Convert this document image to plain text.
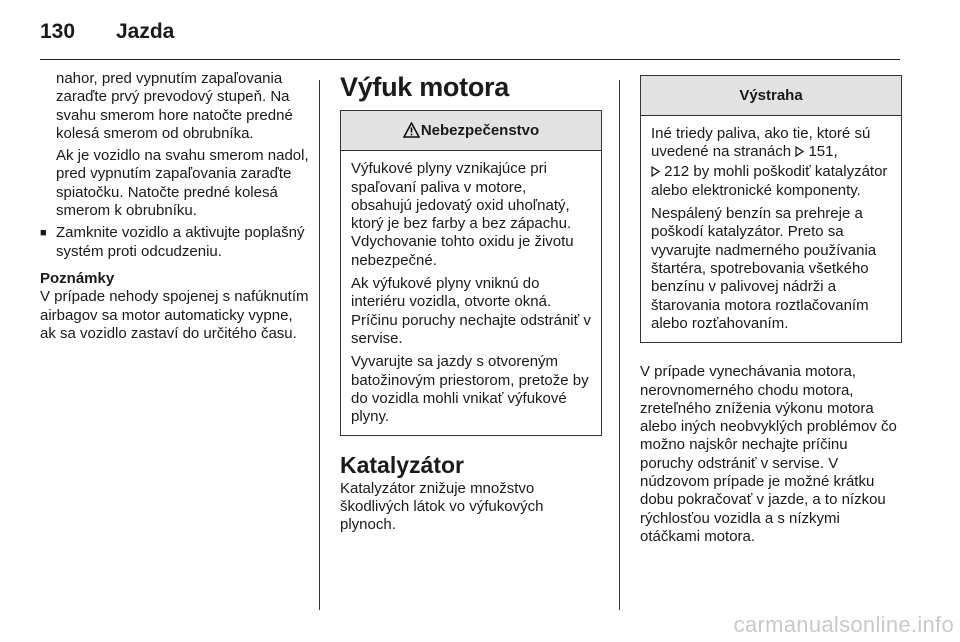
130 Jazda

nahor, pred vypnutím zapaľovania zaraďte prvý prevodový stupeň. Na svahu smerom hore natočte predné kolesá smerom od obrubníka.

Ak je vozidlo na svahu smerom nadol, pred vypnutím zapaľovania zaraďte spiatočku. Natočte predné kolesá smerom k obrubníku.

■ Zamknite vozidlo a aktivujte poplašný systém proti odcudzeniu.

Poznámky

V prípade nehody spojenej s nafúknutím airbagov sa motor automaticky vypne, ak sa vozidlo zastaví do určitého času.

Výfuk motora
Nebezpečenstvo

Výfukové plyny vznikajúce pri spaľovaní paliva v motore, obsahujú jedovatý oxid uhoľnatý, ktorý je bez farby a bez zápachu. Vdychovanie tohto oxidu je životu nebezpečné.

Ak výfukové plyny vniknú do interiéru vozidla, otvorte okná. Príčinu poruchy nechajte odstrániť v servise.

Vyvarujte sa jazdy s otvoreným batožinovým priestorom, pretože by do vozidla mohli vnikať výfukové plyny.

Katalyzátor

Katalyzátor znižuje množstvo škodlivých látok vo výfukových plynoch.

Výstraha

Iné triedy paliva, ako tie, ktoré sú uvedené na stranách 151,
212 by mohli poškodiť katalyzátor alebo elektronické komponenty.

Nespálený benzín sa prehreje a poškodí katalyzátor. Preto sa vyvarujte nadmerného používania štartéra, spotrebovania všetkého benzínu v palivovej nádrži a štarovania motora roztlačovaním alebo rozťahovaním.

V prípade vynechávania motora, nerovnomerného chodu motora, zreteľného zníženia výkonu motora alebo iných neobvyklých problémov čo možno najskôr nechajte príčinu poruchy odstrániť v servise. V núdzovom prípade je možné krátku dobu pokračovať v jazde, a to nízkou rýchlosťou vozidla a s nízkymi otáčkami motora.

carmanualsonline.info
